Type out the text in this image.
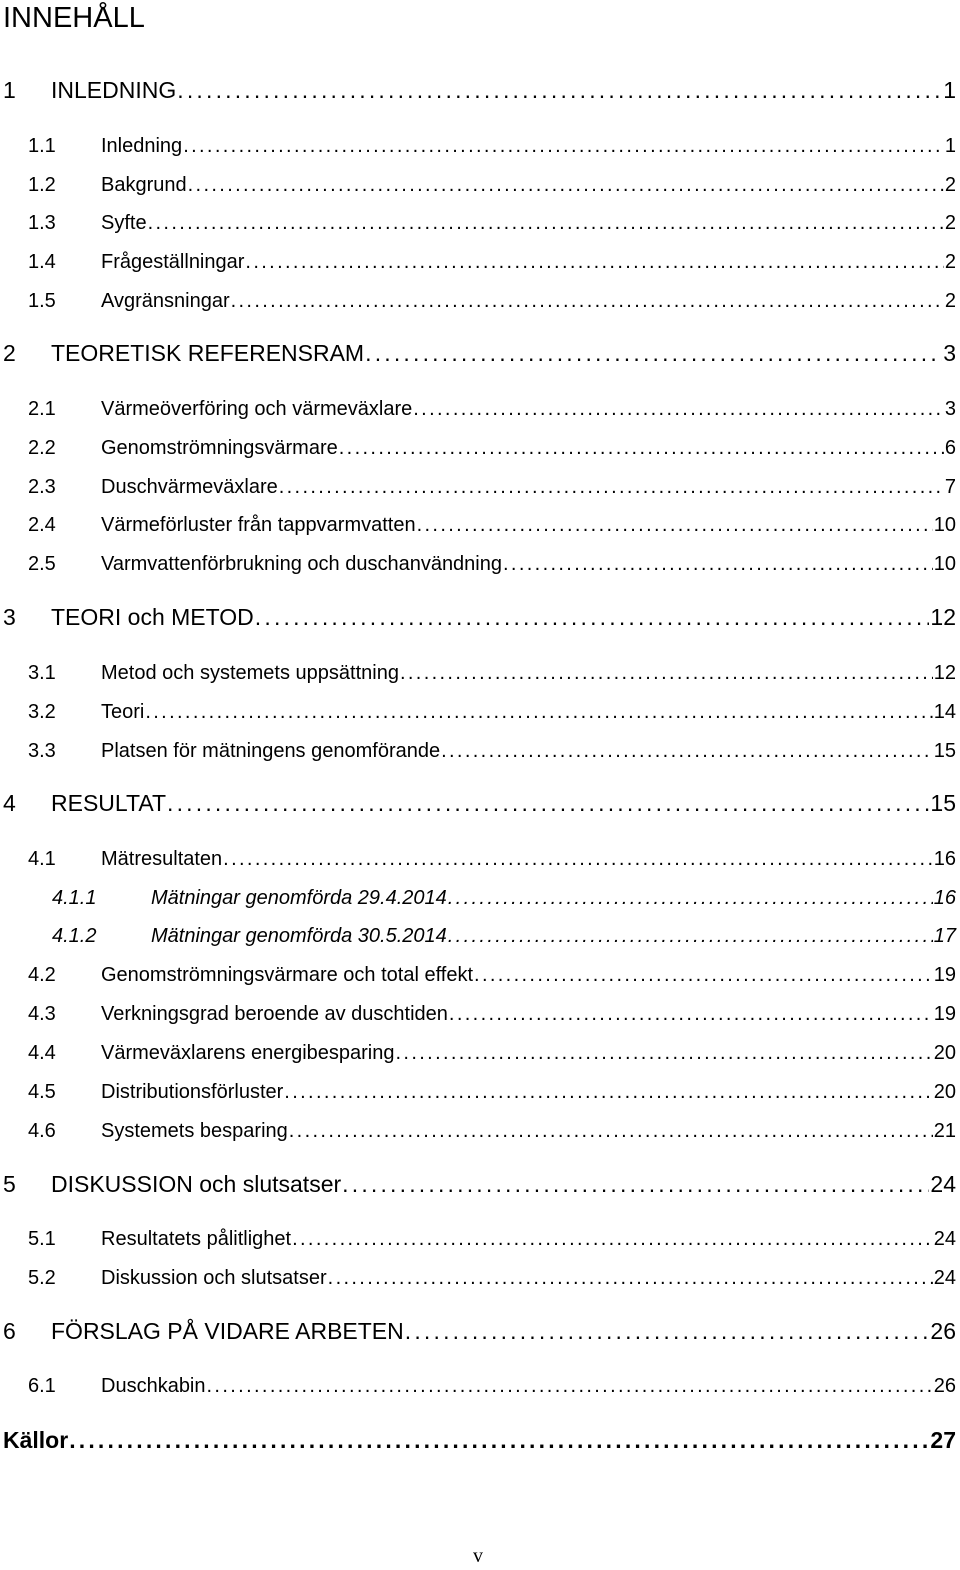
INNEHÅLL
1	INLEDNING . . .	1
1.1	Inledning . . .	1
1.2	Bakgrund . . .	2
1.3	Syfte . . .	2
1.4	Frågeställningar . . .	2
1.5	Avgränsningar . . .	2
2	TEORETISK REFERENSRAM . . .	3
2.1	Värmeöverföring och värmeväxlare . . .	3
2.2	Genomströmningsvärmare . . .	6
2.3	Duschvärmeväxlare . . .	7
2.4	Värmeförluster från tappvarmvatten . . .	10
2.5	Varmvattenförbrukning och duschanvändning . . .	10
3	TEORI och METOD . . .	12
3.1	Metod och systemets uppsättning . . .	12
3.2	Teori . . .	14
3.3	Platsen för mätningens genomförande . . .	15
4	RESULTAT . . .	15
4.1	Mätresultaten . . .	16
4.1.1	Mätningar genomförda 29.4.2014 . . .	16
4.1.2	Mätningar genomförda 30.5.2014 . . .	17
4.2	Genomströmningsvärmare och total effekt . . .	19
4.3	Verkningsgrad beroende av duschtiden . . .	19
4.4	Värmeväxlarens energibesparing . . .	20
4.5	Distributionsförluster . . .	20
4.6	Systemets besparing . . .	21
5	DISKUSSION och slutsatser . . .	24
5.1	Resultatets pålitlighet . . .	24
5.2	Diskussion och slutsatser . . .	24
6	FÖRSLAG PÅ VIDARE ARBETEN . . .	26
6.1	Duschkabin . . .	26
Källor . . .	27
v
